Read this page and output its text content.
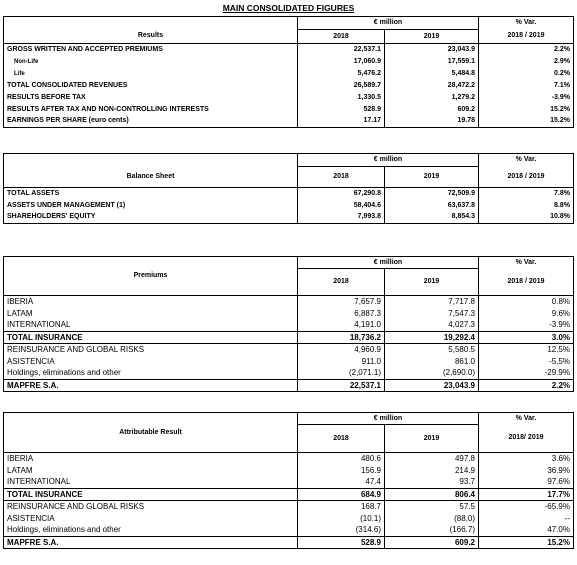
MAIN CONSOLIDATED FIGURES
	€ million		% Var.
Results	2018	2019	2018 / 2019
GROSS WRITTEN AND ACCEPTED PREMIUMS	22,537.1	23,043.9	2.2%
Non-Life	17,060.9	17,559.1	2.9%
Life	5,476.2	5,484.8	0.2%
TOTAL CONSOLIDATED REVENUES	26,589.7	28,472.2	7.1%
RESULTS BEFORE TAX	1,330.5	1,279.2	-3.9%
RESULTS AFTER TAX AND NON-CONTROLLING INTERESTS	528.9	609.2	15.2%
EARNINGS PER SHARE (euro cents)	17.17	19.78	15.2%
	€ million		% Var.
Balance Sheet	2018	2019	2018 / 2019
TOTAL ASSETS	67,290.8	72,509.9	7.8%
ASSETS UNDER MANAGEMENT (1)	58,404.6	63,637.8	8.8%
SHAREHOLDERS' EQUITY	7,993.8	8,854.3	10.8%
Premiums	€ million		% Var.
	2018	2019	2018 / 2019
IBERIA	7,657.9	7,717.8	0.8%
LATAM	6,887.3	7,547.3	9.6%
INTERNATIONAL	4,191.0	4,027.3	-3.9%
TOTAL INSURANCE	18,736.2	19,292.4	3.0%
REINSURANCE AND GLOBAL RISKS	4,960.9	5,580.5	12.5%
ASISTENCIA	911.0	861.0	-5.5%
Holdings, eliminations and other	(2,071.1)	(2,690.0)	-29.9%
MAPFRE S.A.	22,537.1	23,043.9	2.2%
Attributable Result	€ million		% Var.
	2018	2019	2018/ 2019
IBERIA	480.6	497.8	3.6%
LATAM	156.9	214.9	36.9%
INTERNATIONAL	47.4	93.7	97.6%
TOTAL INSURANCE	684.9	806.4	17.7%
REINSURANCE AND GLOBAL RISKS	168.7	57.5	-65.9%
ASISTENCIA	(10.1)	(88.0)	--
Holdings, eliminations and other	(314.6)	(166.7)	47.0%
MAPFRE S.A.	528.9	609.2	15.2%
